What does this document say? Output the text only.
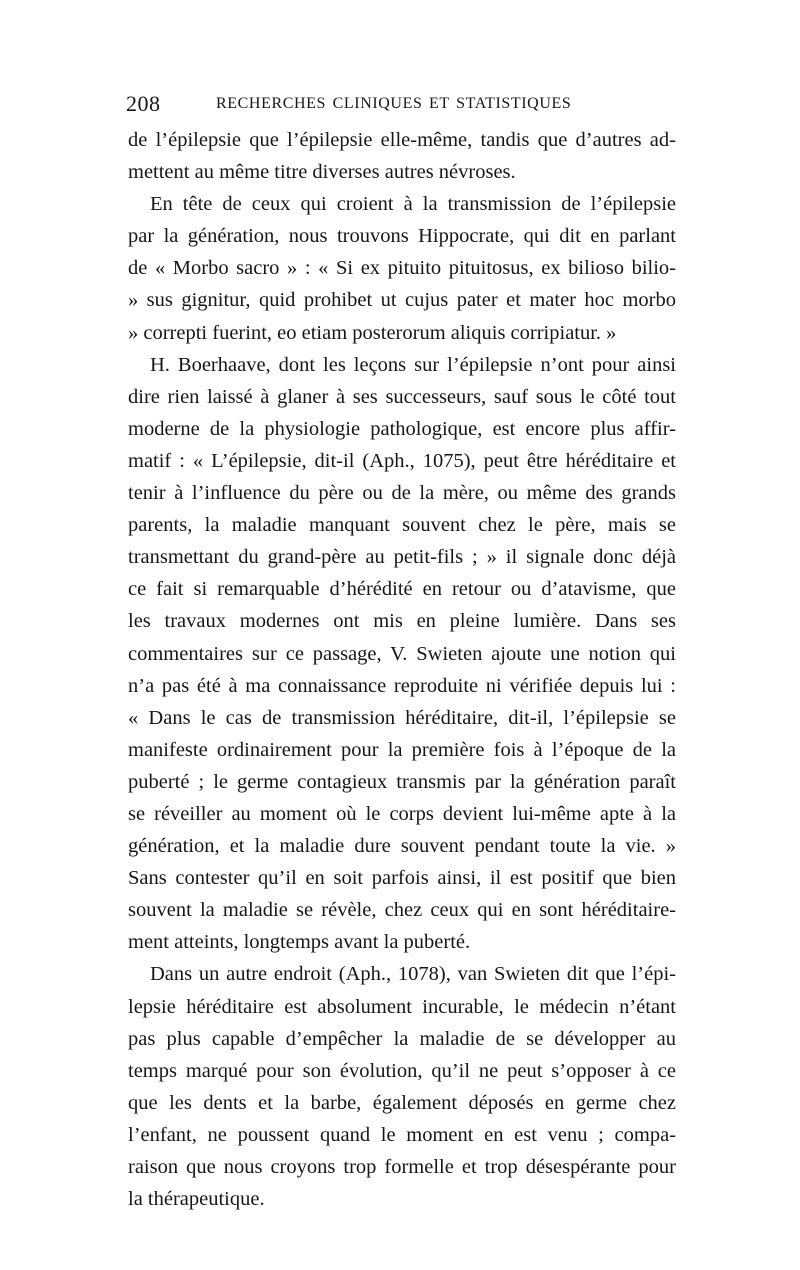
208	RECHERCHES CLINIQUES ET STATISTIQUES
de l’épilepsie que l’épilepsie elle-même, tandis que d’autres ad-
mettent au même titre diverses autres névroses.
En tête de ceux qui croient à la transmission de l’épilepsie
par la génération, nous trouvons Hippocrate, qui dit en parlant
de « Morbo sacro » : « Si ex pituito pituitosus, ex bilioso bilio-
» sus gignitur, quid prohibet ut cujus pater et mater hoc morbo
» correpti fuerint, eo etiam posterorum aliquis corripiatur. »
H. Boerhaave, dont les leçons sur l’épilepsie n’ont pour ainsi
dire rien laissé à glaner à ses successeurs, sauf sous le côté tout
moderne de la physiologie pathologique, est encore plus affir-
matif : « L’épilepsie, dit-il (Aph., 1075), peut être héréditaire et
tenir à l’influence du père ou de la mère, ou même des grands
parents, la maladie manquant souvent chez le père, mais se
transmettant du grand-père au petit-fils ; » il signale donc déjà
ce fait si remarquable d’hérédité en retour ou d’atavisme, que
les travaux modernes ont mis en pleine lumière. Dans ses
commentaires sur ce passage, V. Swieten ajoute une notion qui
n’a pas été à ma connaissance reproduite ni vérifiée depuis lui :
« Dans le cas de transmission héréditaire, dit-il, l’épilepsie se
manifeste ordinairement pour la première fois à l’époque de la
puberté ; le germe contagieux transmis par la génération paraît
se réveiller au moment où le corps devient lui-même apte à la
génération, et la maladie dure souvent pendant toute la vie. »
Sans contester qu’il en soit parfois ainsi, il est positif que bien
souvent la maladie se révèle, chez ceux qui en sont héréditaire-
ment atteints, longtemps avant la puberté.
Dans un autre endroit (Aph., 1078), van Swieten dit que l’épi-
lepsie héréditaire est absolument incurable, le médecin n’étant
pas plus capable d’empêcher la maladie de se développer au
temps marqué pour son évolution, qu’il ne peut s’opposer à ce
que les dents et la barbe, également déposés en germe chez
l’enfant, ne poussent quand le moment en est venu ; compa-
raison que nous croyons trop formelle et trop désespérante pour
la thérapeutique.
